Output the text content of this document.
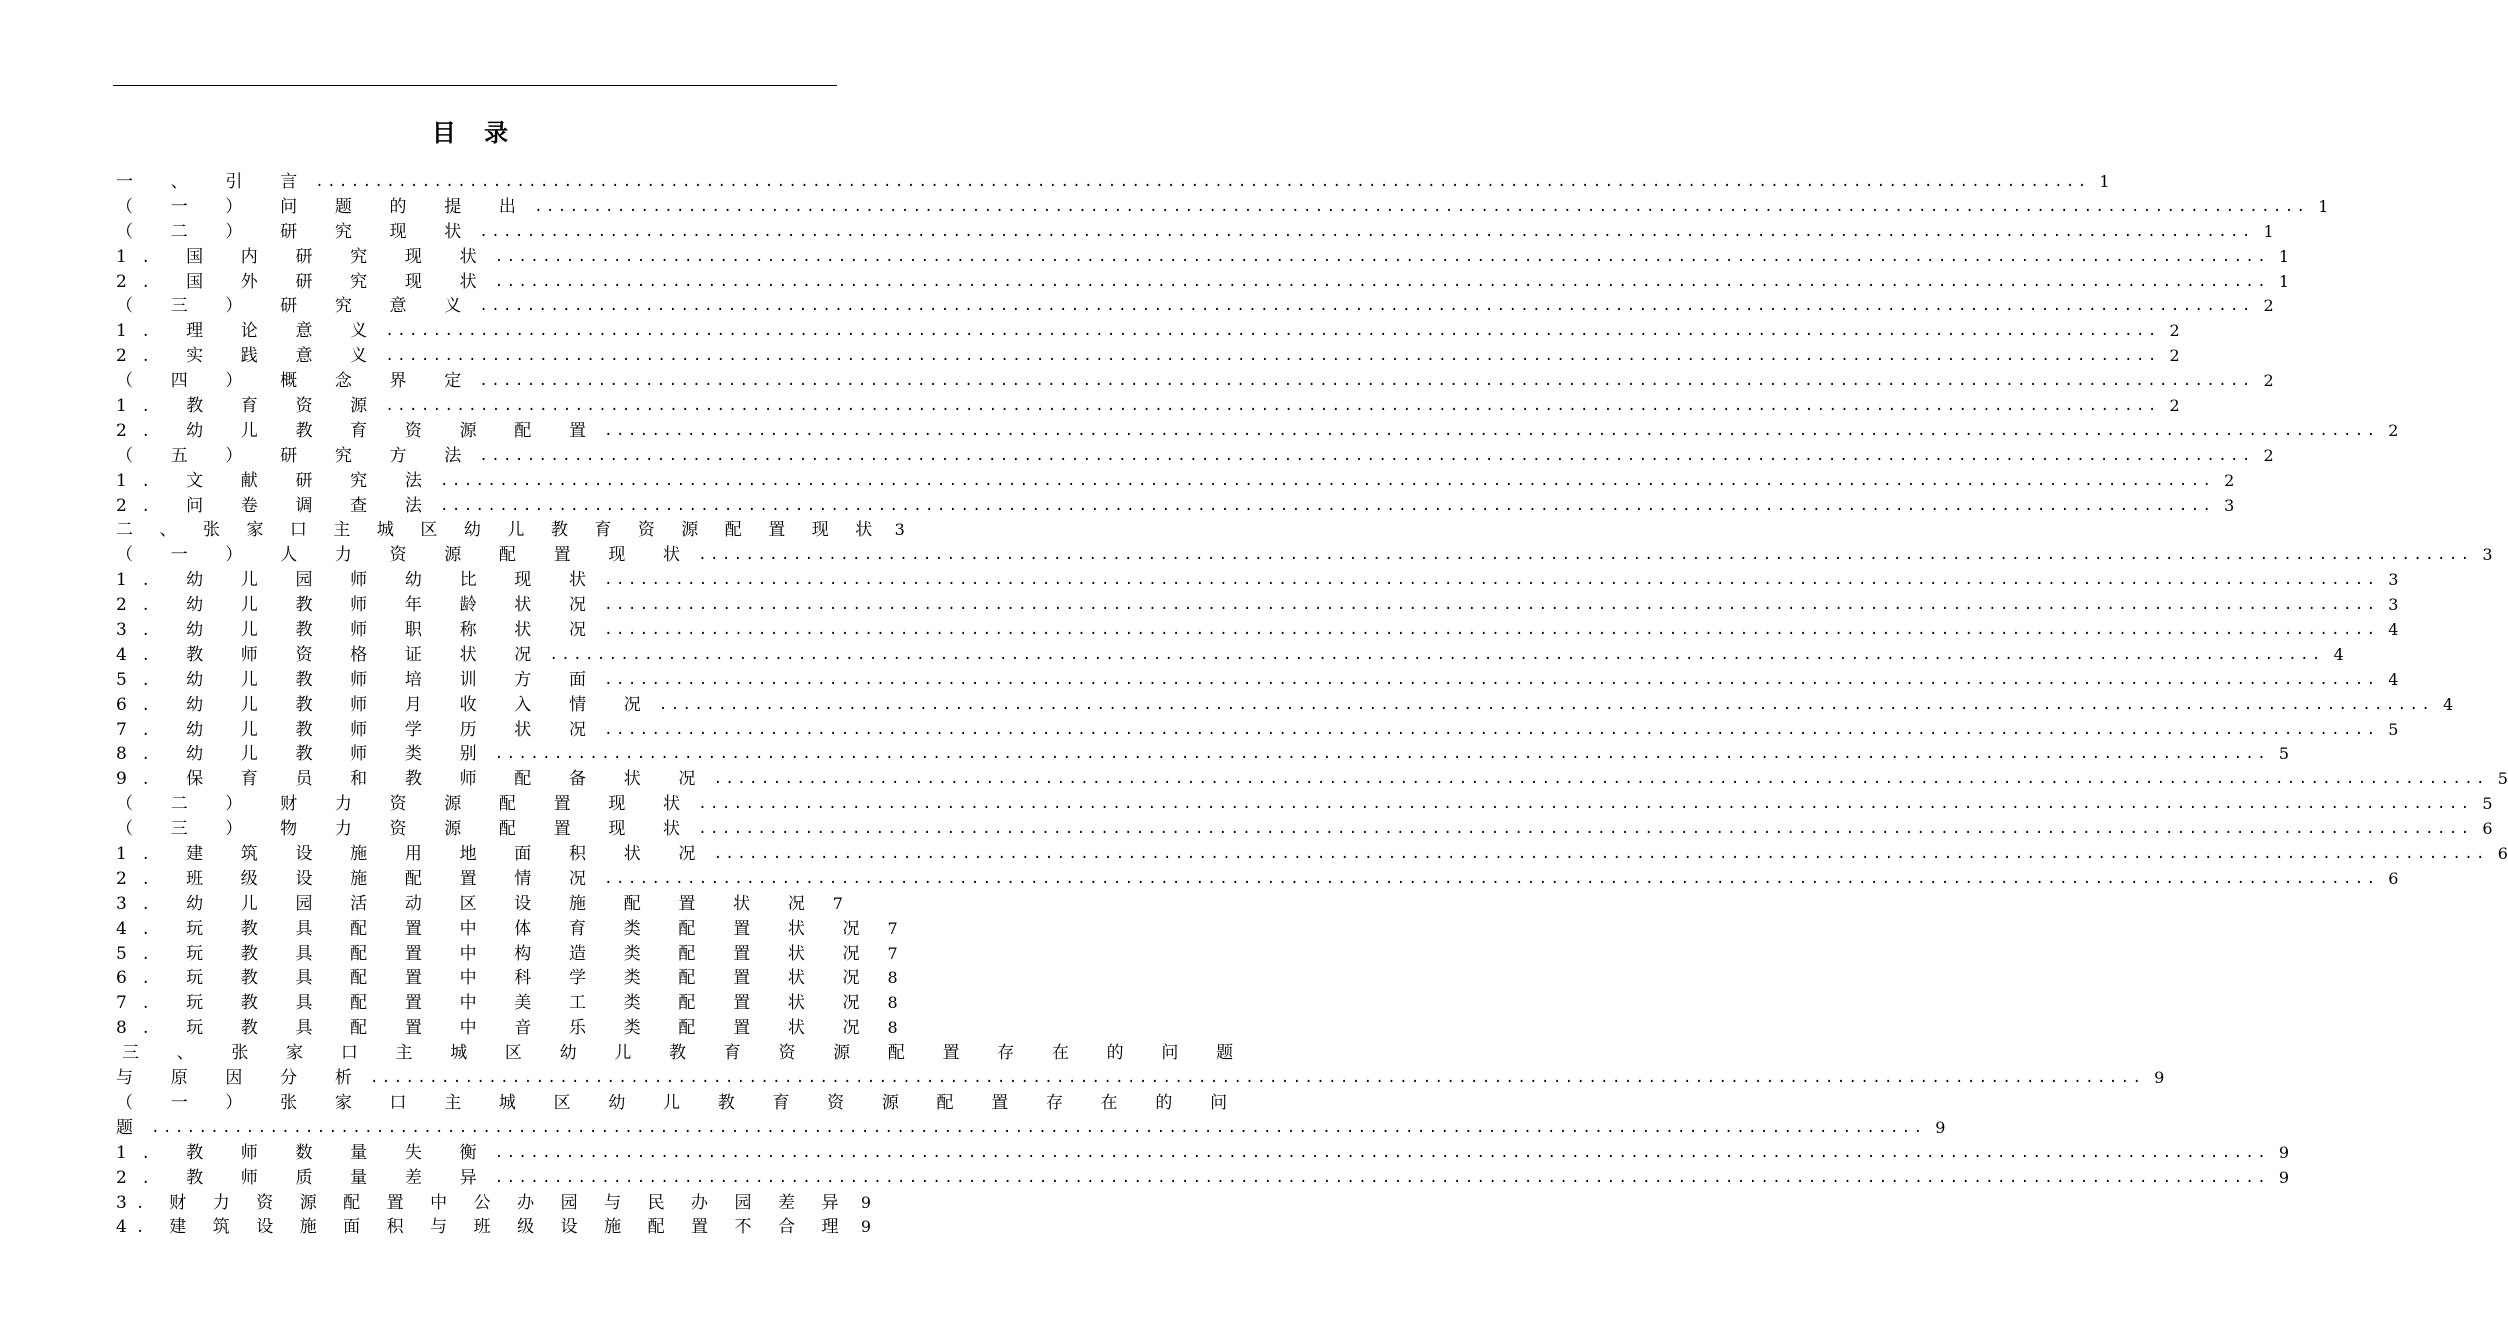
目 录
一 、 引 言 .....	1
（ 一 ） 问 题 的 提 出 .....	1
（ 二 ） 研 究 现 状 .....	1
1. 国 内 研 究 现 状 .....	1
2. 国 外 研 究 现 状 .....	1
（ 三 ） 研 究 意 义 .....	2
1. 理 论 意 义 .....	2
2. 实 践 意 义 .....	2
（ 四 ） 概 念 界 定 .....	2
1. 教 育 资 源 .....	2
2. 幼 儿 教 育 资 源 配 置 .....	2
（ 五 ） 研 究 方 法 .....	2
1. 文 献 研 究 法 .....	2
2. 问 卷 调 查 法 .....	3
二 、 张 家 口 主 城 区 幼 儿 教 育 资 源 配 置 现 状 3
（ 一 ） 人 力 资 源 配 置 现 状 .....	3
1. 幼 儿 园 师 幼 比 现 状 .....	3
2. 幼 儿 教 师 年 龄 状 况 .....	3
3. 幼 儿 教 师 职 称 状 况 .....	4
4. 教 师 资 格 证 状 况 .....	4
5. 幼 儿 教 师 培 训 方 面 .....	4
6. 幼 儿 教 师 月 收 入 情 况 .....	4
7. 幼 儿 教 师 学 历 状 况 .....	5
8. 幼 儿 教 师 类 别 .....	5
9. 保 育 员 和 教 师 配 备 状 况 .....	5
（ 二 ） 财 力 资 源 配 置 现 状 .....	5
（ 三 ） 物 力 资 源 配 置 现 状 .....	6
1. 建 筑 设 施 用 地 面 积 状 况 .....	6
2. 班 级 设 施 配 置 情 况 .....	6
3. 幼 儿 园 活 动 区 设 施 配 置 状 况 7
4. 玩 教 具 配 置 中 体 育 类 配 置 状 况 7
5. 玩 教 具 配 置 中 构 造 类 配 置 状 况 7
6. 玩 教 具 配 置 中 科 学 类 配 置 状 况 8
7. 玩 教 具 配 置 中 美 工 类 配 置 状 况 8
8. 玩 教 具 配 置 中 音 乐 类 配 置 状 况 8
三 、 张 家 口 主 城 区 幼 儿 教 育 资 源 配 置 存 在 的 问 题
与 原 因 分 析 .....	9
（ 一 ） 张 家 口 主 城 区 幼 儿 教 育 资 源 配 置 存 在 的 问
题 .....	9
1. 教 师 数 量 失 衡 .....	9
2. 教 师 质 量 差 异 .....	9
3. 财 力 资 源 配 置 中 公 办 园 与 民 办 园 差 异 9
4. 建 筑 设 施 面 积 与 班 级 设 施 配 置 不 合 理 9
